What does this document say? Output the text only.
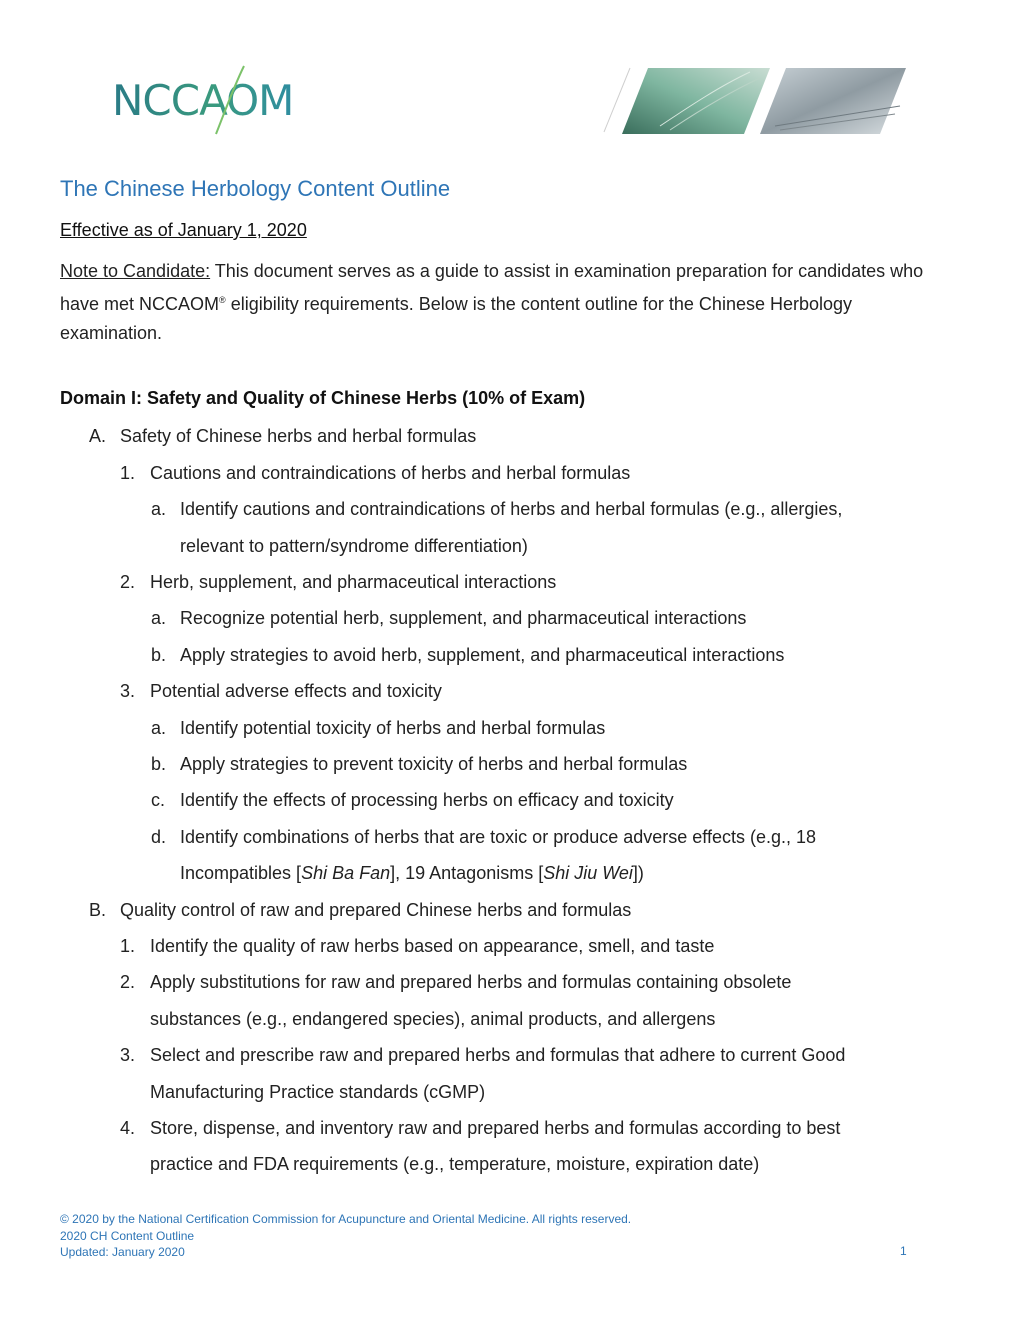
NCCAOM
The Chinese Herbology Content Outline
Effective as of January 1, 2020
Note to Candidate: This document serves as a guide to assist in examination preparation for candidates who have met NCCAOM® eligibility requirements. Below is the content outline for the Chinese Herbology examination.
Domain I: Safety and Quality of Chinese Herbs (10% of Exam)
A. Safety of Chinese herbs and herbal formulas
1. Cautions and contraindications of herbs and herbal formulas
a. Identify cautions and contraindications of herbs and herbal formulas (e.g., allergies,
relevant to pattern/syndrome differentiation)
2. Herb, supplement, and pharmaceutical interactions
a. Recognize potential herb, supplement, and pharmaceutical interactions
b. Apply strategies to avoid herb, supplement, and pharmaceutical interactions
3. Potential adverse effects and toxicity
a. Identify potential toxicity of herbs and herbal formulas
b. Apply strategies to prevent toxicity of herbs and herbal formulas
c. Identify the effects of processing herbs on efficacy and toxicity
d. Identify combinations of herbs that are toxic or produce adverse effects (e.g., 18
Incompatibles [Shi Ba Fan], 19 Antagonisms [Shi Jiu Wei])
B. Quality control of raw and prepared Chinese herbs and formulas
1. Identify the quality of raw herbs based on appearance, smell, and taste
2. Apply substitutions for raw and prepared herbs and formulas containing obsolete
substances (e.g., endangered species), animal products, and allergens
3. Select and prescribe raw and prepared herbs and formulas that adhere to current Good
Manufacturing Practice standards (cGMP)
4. Store, dispense, and inventory raw and prepared herbs and formulas according to best
practice and FDA requirements (e.g., temperature, moisture, expiration date)
© 2020 by the National Certification Commission for Acupuncture and Oriental Medicine. All rights reserved.
2020 CH Content Outline
Updated: January 2020	1
